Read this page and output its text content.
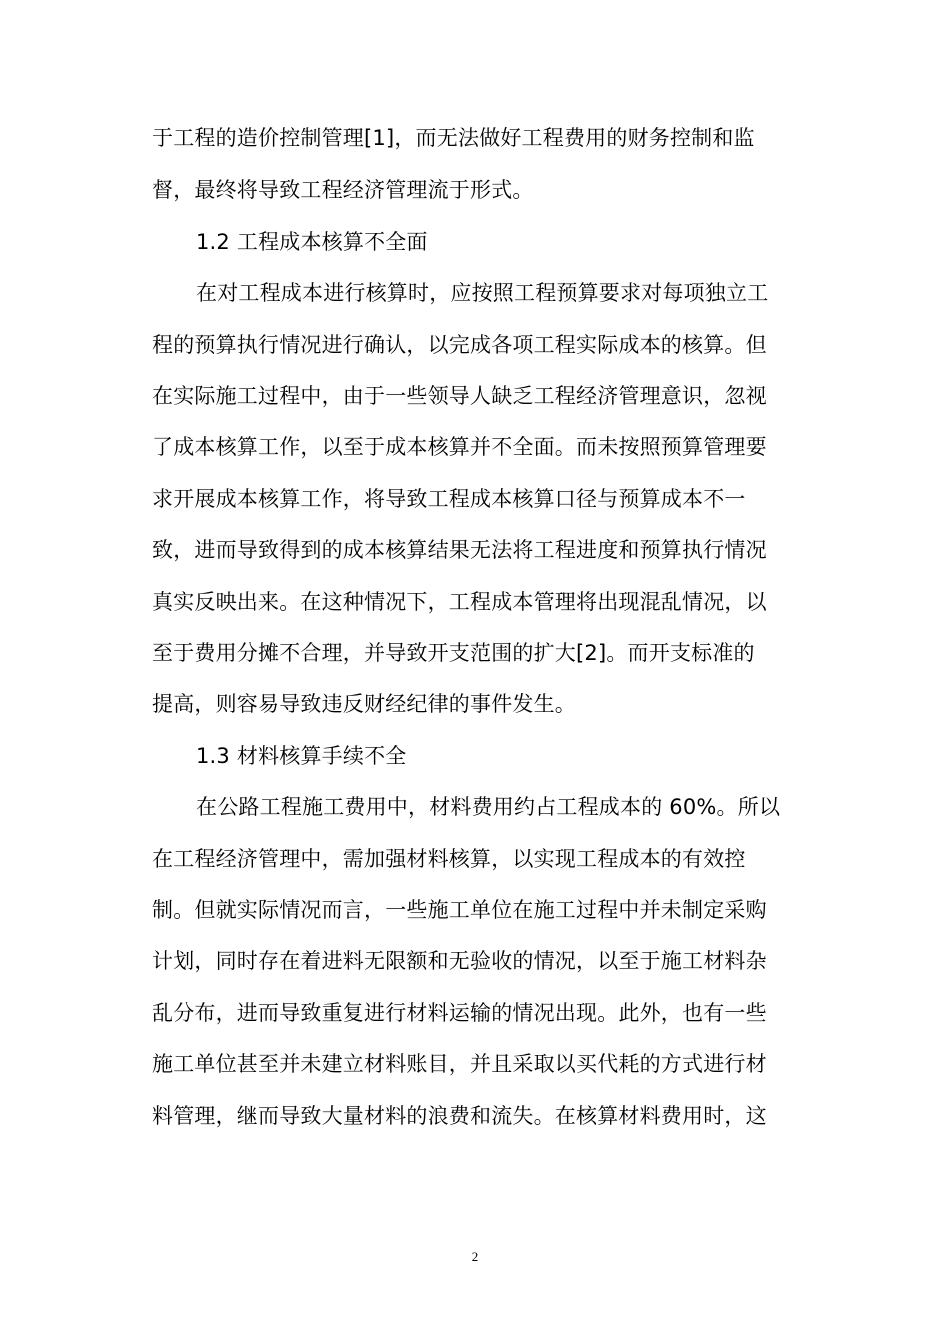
于工程的造价控制管理[1]，而无法做好工程费用的财务控制和监
督，最终将导致工程经济管理流于形式。
1.2 工程成本核算不全面
在对工程成本进行核算时，应按照工程预算要求对每项独立工
程的预算执行情况进行确认，以完成各项工程实际成本的核算。但
在实际施工过程中，由于一些领导人缺乏工程经济管理意识，忽视
了成本核算工作，以至于成本核算并不全面。而未按照预算管理要
求开展成本核算工作，将导致工程成本核算口径与预算成本不一
致，进而导致得到的成本核算结果无法将工程进度和预算执行情况
真实反映出来。在这种情况下，工程成本管理将出现混乱情况，以
至于费用分摊不合理，并导致开支范围的扩大[2]。而开支标准的
提高，则容易导致违反财经纪律的事件发生。
1.3 材料核算手续不全
在公路工程施工费用中，材料费用约占工程成本的 60%。所以
在工程经济管理中，需加强材料核算，以实现工程成本的有效控
制。但就实际情况而言，一些施工单位在施工过程中并未制定采购
计划，同时存在着进料无限额和无验收的情况，以至于施工材料杂
乱分布，进而导致重复进行材料运输的情况出现。此外，也有一些
施工单位甚至并未建立材料账目，并且采取以买代耗的方式进行材
料管理，继而导致大量材料的浪费和流失。在核算材料费用时，这
2
